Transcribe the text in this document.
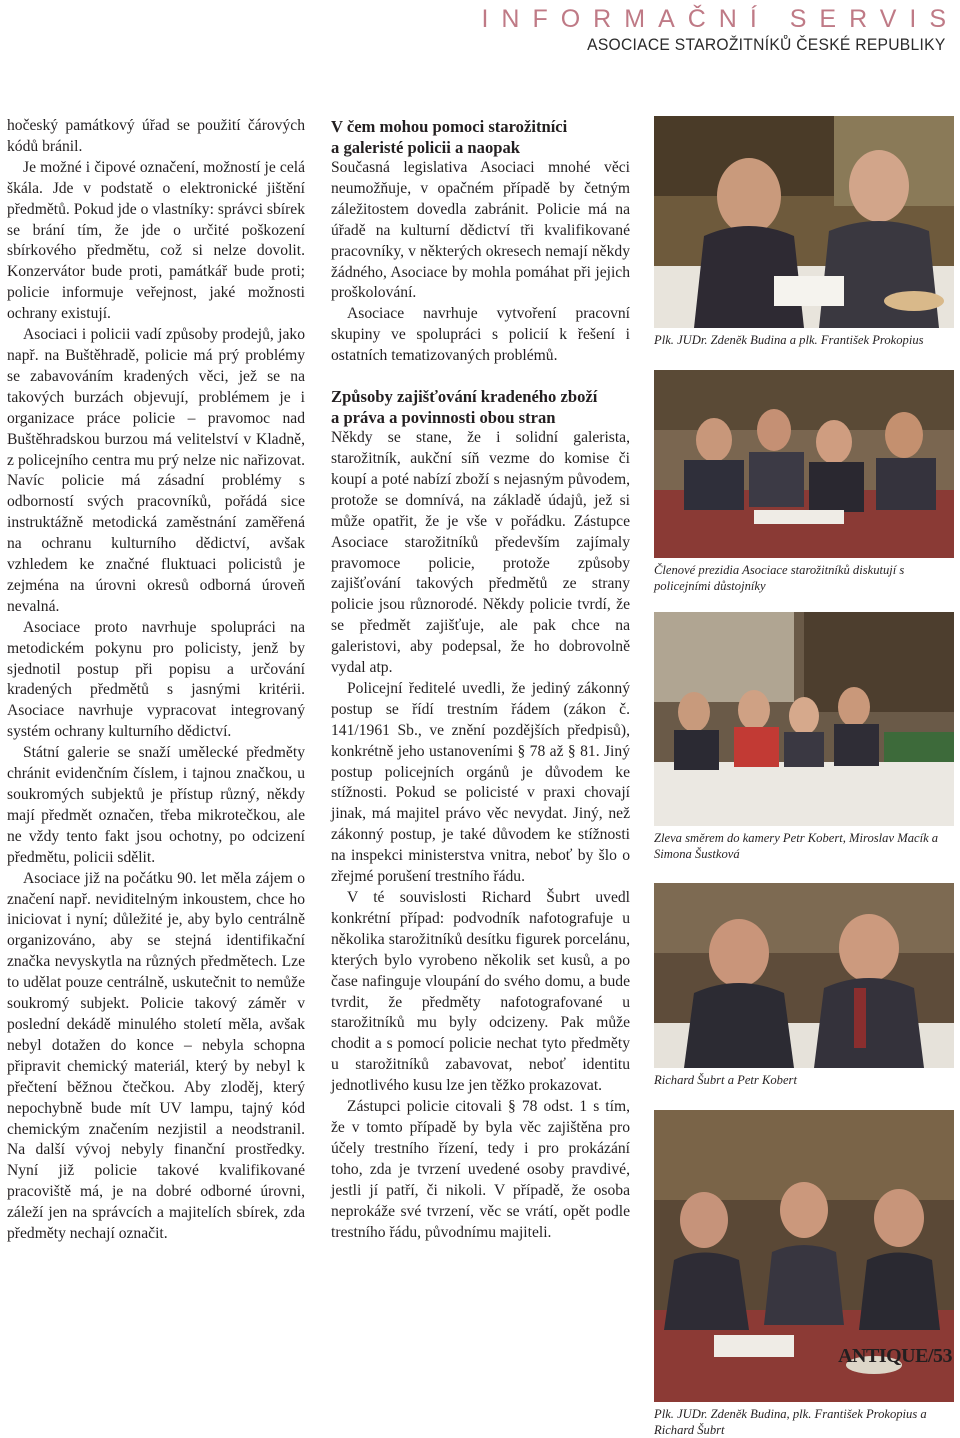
INFORMAČNÍ SERVIS
ASOCIACE STAROŽITNÍKŮ ČESKÉ REPUBLIKY

hočeský památkový úřad se použití čárových kódů bránil.

Je možné i čipové označení, možností je celá škála. Jde v podstatě o elektronické jištění předmětů. Pokud jde o vlastníky: správci sbírek se brání tím, že jde o určité poškození sbírkového předmětu, což si nelze dovolit. Konzervátor bude proti, památkář bude proti; policie informuje veřejnost, jaké možnosti ochrany existují.

Asociaci i policii vadí způsoby prodejů, jako např. na Buštěhradě, policie má prý problémy se zabavováním kradených věci, jež se na takových burzách objevují, problémem je i organizace práce policie – pravomoc nad Buštěhradskou burzou má velitelství v Kladně, z policejního centra mu prý nelze nic nařizovat. Navíc policie má zásadní problémy s odborností svých pracovníků, pořádá sice instruktážně metodická zaměstnání zaměřená na ochranu kulturního dědictví, avšak vzhledem ke značné fluktuaci policistů je zejména na úrovni okresů odborná úroveň nevalná.

Asociace proto navrhuje spolupráci na metodickém pokynu pro policisty, jenž by sjednotil postup při popisu a určování kradených předmětů s jasnými kritérii. Asociace navrhuje vypracovat integrovaný systém ochrany kulturního dědictví.

Státní galerie se snaží umělecké předměty chránit evidenčním číslem, i tajnou značkou, u soukromých subjektů je přístup různý, někdy mají předmět označen, třeba mikrotečkou, ale ne vždy tento fakt jsou ochotny, po odcizení předmětu, policii sdělit.

Asociace již na počátku 90. let měla zájem o značení např. neviditelným inkoustem, chce ho iniciovat i nyní; důležité je, aby bylo centrálně organizováno, aby se stejná identifikační značka nevyskytla na různých předmětech. Lze to udělat pouze centrálně, uskutečnit to nemůže soukromý subjekt. Policie takový záměr v poslední dekádě minulého století měla, avšak nebyl dotažen do konce – nebyla schopna připravit chemický materiál, který by nebyl k přečtení běžnou čtečkou. Aby zloděj, který nepochybně bude mít UV lampu, tajný kód chemickým značením nezjistil a neodstranil. Na další vývoj nebyly finanční prostředky. Nyní již policie takové kvalifikované pracoviště má, je na dobré odborné úrovni, záleží jen na správcích a majitelích sbírek, zda předměty nechají označit.

V čem mohou pomoci starožitníci
a galeristé policii a naopak

Současná legislativa Asociaci mnohé věci neumožňuje, v opačném případě by četným záležitostem dovedla zabránit. Policie má na úřadě na kulturní dědictví tři kvalifikované pracovníky, v některých okresech nemají někdy žádného, Asociace by mohla pomáhat při jejich proškolování.

Asociace navrhuje vytvoření pracovní skupiny ve spolupráci s policií k řešení i ostatních tematizovaných problémů.

Způsoby zajišťování kradeného zboží
a práva a povinnosti obou stran

Někdy se stane, že i solidní galerista, starožitník, aukční síň vezme do komise či koupí a poté nabízí zboží s nejasným původem, protože se domnívá, na základě údajů, jež si může opatřit, že je vše v pořádku. Zástupce Asociace starožitníků především zajímaly pravomoce policie, protože způsoby zajišťování takových předmětů ze strany policie jsou různorodé. Někdy policie tvrdí, že se předmět zajišťuje, ale pak chce na galeristovi, aby podepsal, že ho dobrovolně vydal atp.

Policejní ředitelé uvedli, že jediný zákonný postup se řídí trestním řádem (zákon č. 141/1961 Sb., ve znění pozdějších předpisů), konkrétně jeho ustanoveními § 78 až § 81. Jiný postup policejních orgánů je důvodem ke stížnosti. Pokud se policisté v praxi chovají jinak, má majitel právo věc nevydat. Jiný, než zákonný postup, je také důvodem ke stížnosti na inspekci ministerstva vnitra, neboť by šlo o zřejmé porušení trestního řádu.

V té souvislosti Richard Šubrt uvedl konkrétní případ: podvodník nafotografuje u několika starožitníků desítku figurek porcelánu, kterých bylo vyrobeno několik set kusů, a po čase nafinguje vloupání do svého domu, a bude tvrdit, že předměty nafotografované u starožitníků mu byly odcizeny. Pak může chodit a s pomocí policie nechat tyto předměty u starožitníků zabavovat, neboť identitu jednotlivého kusu lze jen těžko prokazovat.

Zástupci policie citovali § 78 odst. 1 s tím, že v tomto případě by byla věc zajištěna pro účely trestního řízení, tedy i pro prokázání toho, zda je tvrzení uvedené osoby pravdivé, jestli jí patří, či nikoli. V případě, že osoba neprokáže své tvrzení, věc se vrátí, opět podle trestního řádu, původnímu majiteli.

Plk. JUDr. Zdeněk Budina a plk. František Prokopius
Členové prezidia Asociace starožitníků diskutují s policejními důstojníky
Zleva směrem do kamery Petr Kobert, Miroslav Macík a Simona Šustková
Richard Šubrt a Petr Kobert
Plk. JUDr. Zdeněk Budina, plk. František Prokopius a Richard Šubrt
ANTIQUE/53
